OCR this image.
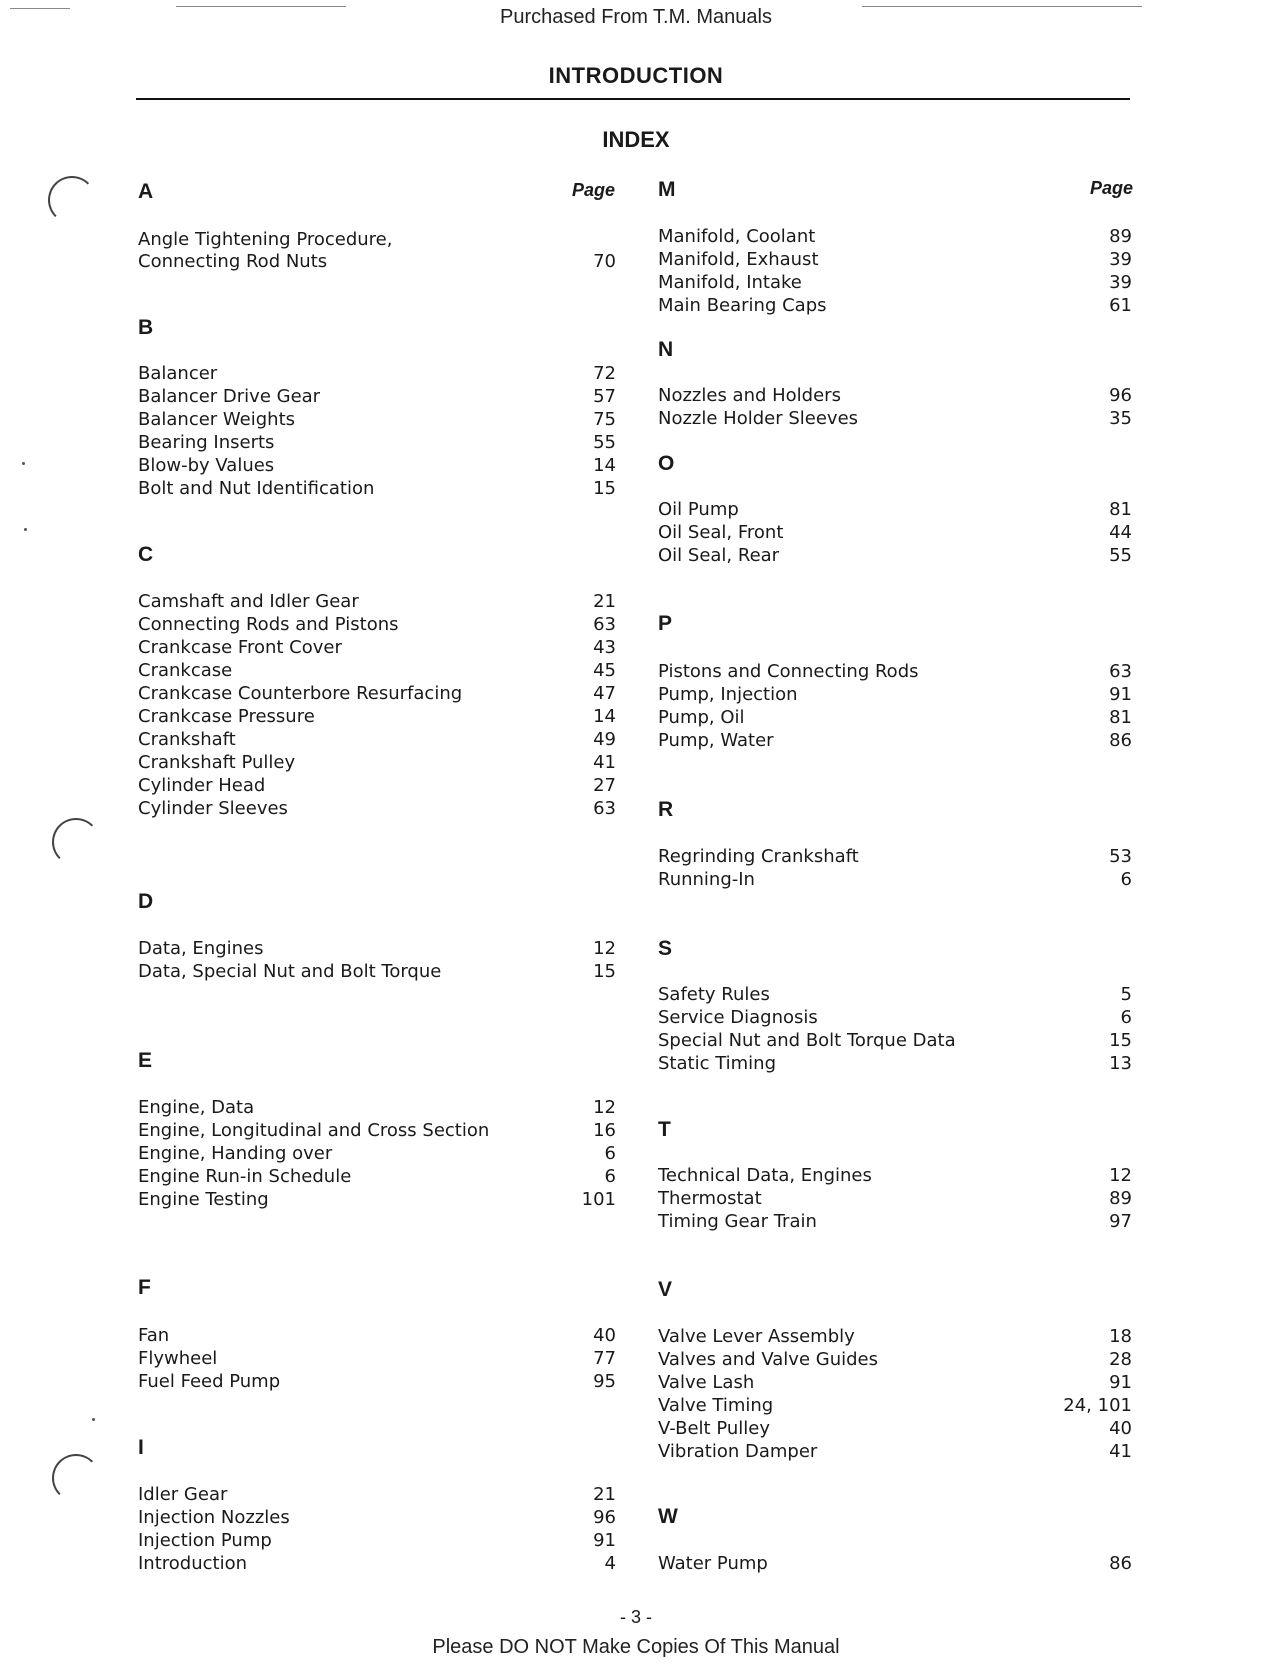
Purchased From T.M. Manuals
INTRODUCTION
INDEX
Page	Page
A
Angle Tightening Procedure,
Connecting Rod Nuts	70
B
Balancer	72
Balancer Drive Gear	57
Balancer Weights	75
Bearing Inserts	55
Blow-by Values	14
Bolt and Nut Identification	15
C
Camshaft and Idler Gear	21
Connecting Rods and Pistons	63
Crankcase Front Cover	43
Crankcase	45
Crankcase Counterbore Resurfacing	47
Crankcase Pressure	14
Crankshaft	49
Crankshaft Pulley	41
Cylinder Head	27
Cylinder Sleeves	63
D
Data, Engines	12
Data, Special Nut and Bolt Torque	15
E
Engine, Data	12
Engine, Longitudinal and Cross Section	16
Engine, Handing over	6
Engine Run-in Schedule	6
Engine Testing	101
F
Fan	40
Flywheel	77
Fuel Feed Pump	95
I
Idler Gear	21
Injection Nozzles	96
Injection Pump	91
Introduction	4
M
Manifold, Coolant	89
Manifold, Exhaust	39
Manifold, Intake	39
Main Bearing Caps	61
N
Nozzles and Holders	96
Nozzle Holder Sleeves	35
O
Oil Pump	81
Oil Seal, Front	44
Oil Seal, Rear	55
P
Pistons and Connecting Rods	63
Pump, Injection	91
Pump, Oil	81
Pump, Water	86
R
Regrinding Crankshaft	53
Running-In	6
S
Safety Rules	5
Service Diagnosis	6
Special Nut and Bolt Torque Data	15
Static Timing	13
T
Technical Data, Engines	12
Thermostat	89
Timing Gear Train	97
V
Valve Lever Assembly	18
Valves and Valve Guides	28
Valve Lash	91
Valve Timing	24, 101
V-Belt Pulley	40
Vibration Damper	41
W
Water Pump	86
- 3 -
Please DO NOT Make Copies Of This Manual
